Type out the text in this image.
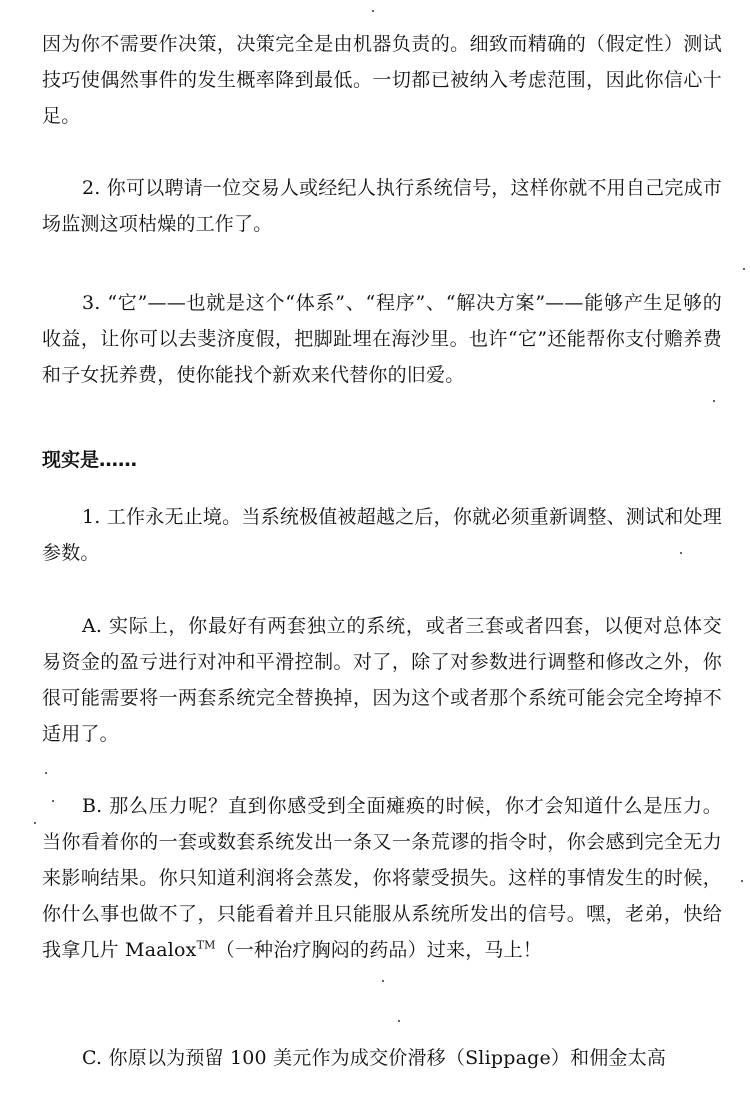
因为你不需要作决策，决策完全是由机器负责的。细致而精确的（假定性）测试技巧使偶然事件的发生概率降到最低。一切都已被纳入考虑范围，因此你信心十足。

2. 你可以聘请一位交易人或经纪人执行系统信号，这样你就不用自己完成市场监测这项枯燥的工作了。

3. “它”——也就是这个“体系”、“程序”、“解决方案”——能够产生足够的收益，让你可以去斐济度假，把脚趾埋在海沙里。也许“它”还能帮你支付赡养费和子女抚养费，使你能找个新欢来代替你的旧爱。

现实是……

1. 工作永无止境。当系统极值被超越之后，你就必须重新调整、测试和处理参数。

A. 实际上，你最好有两套独立的系统，或者三套或者四套，以便对总体交易资金的盈亏进行对冲和平滑控制。对了，除了对参数进行调整和修改之外，你很可能需要将一两套系统完全替换掉，因为这个或者那个系统可能会完全垮掉不适用了。

B. 那么压力呢？直到你感受到全面瘫痪的时候，你才会知道什么是压力。当你看着你的一套或数套系统发出一条又一条荒谬的指令时，你会感到完全无力来影响结果。你只知道利润将会蒸发，你将蒙受损失。这样的事情发生的时候，你什么事也做不了，只能看着并且只能服从系统所发出的信号。嘿，老弟，快给我拿几片 Maalox™（一种治疗胸闷的药品）过来，马上！

C. 你原以为预留 100 美元作为成交价滑移（Slippage）和佣金太高
